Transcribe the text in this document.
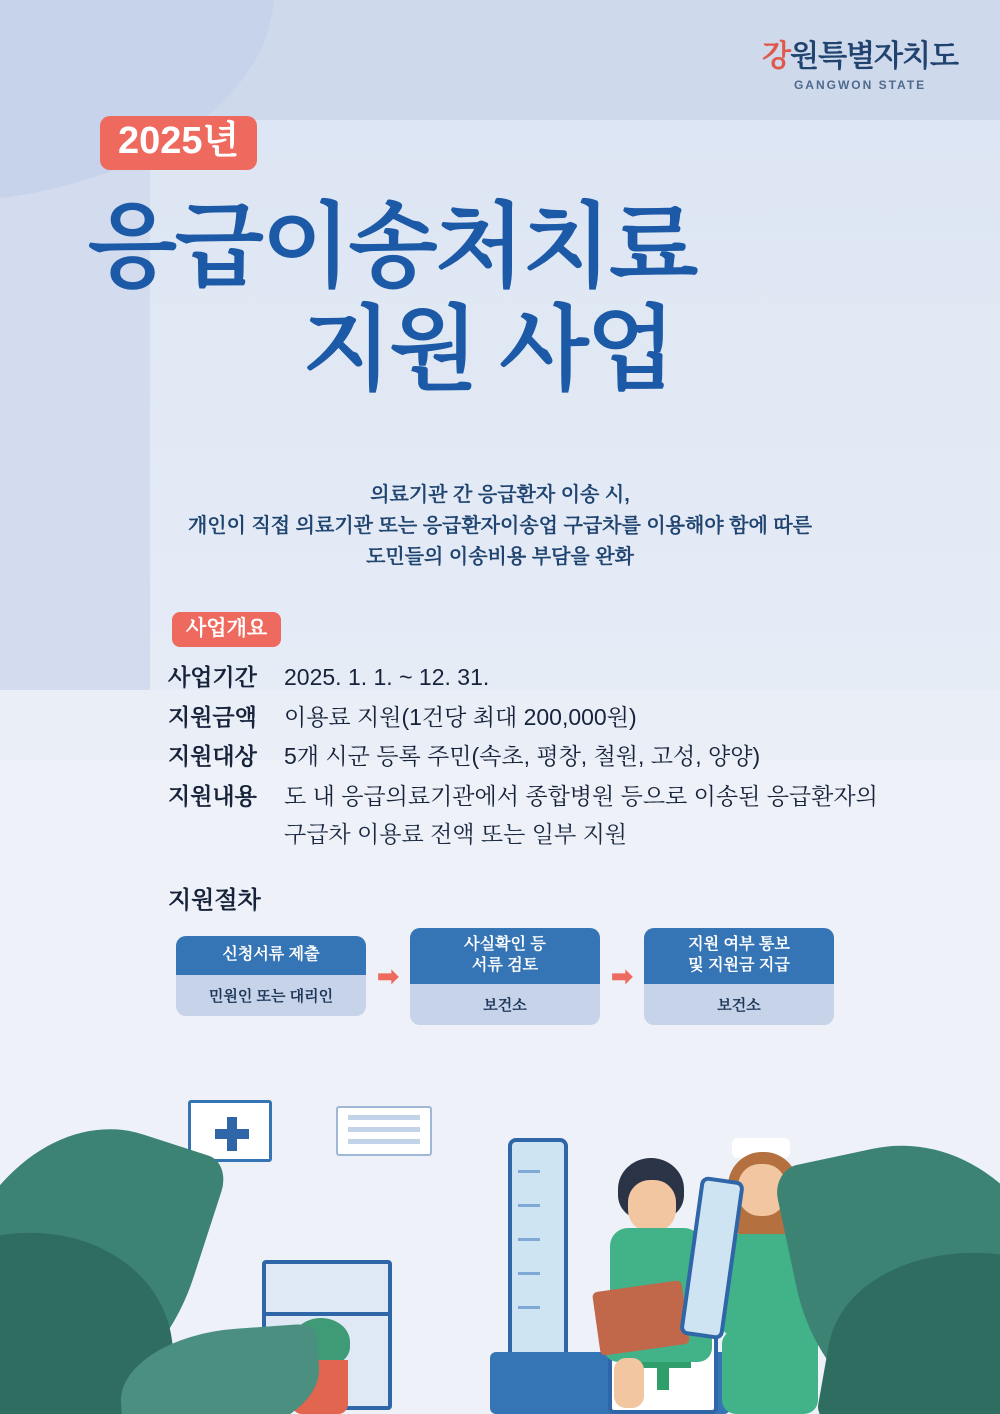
강원특별자치도
GANGWON STATE
2025년
응급이송처치료
지원 사업
의료기관 간 응급환자 이송 시,
개인이 직접 의료기관 또는 응급환자이송업 구급차를 이용해야 함에 따른
도민들의 이송비용 부담을 완화
사업개요
사업기간	2025. 1. 1. ~ 12. 31.
지원금액	이용료 지원(1건당 최대 200,000원)
지원대상	5개 시군 등록 주민(속초, 평창, 철원, 고성, 양양)
지원내용	도 내 응급의료기관에서 종합병원 등으로 이송된 응급환자의
구급차 이용료 전액 또는 일부 지원
지원절차
신청서류 제출
민원인 또는 대리인
➡
사실확인 등
서류 검토
보건소
➡
지원 여부 통보
및 지원금 지급
보건소
